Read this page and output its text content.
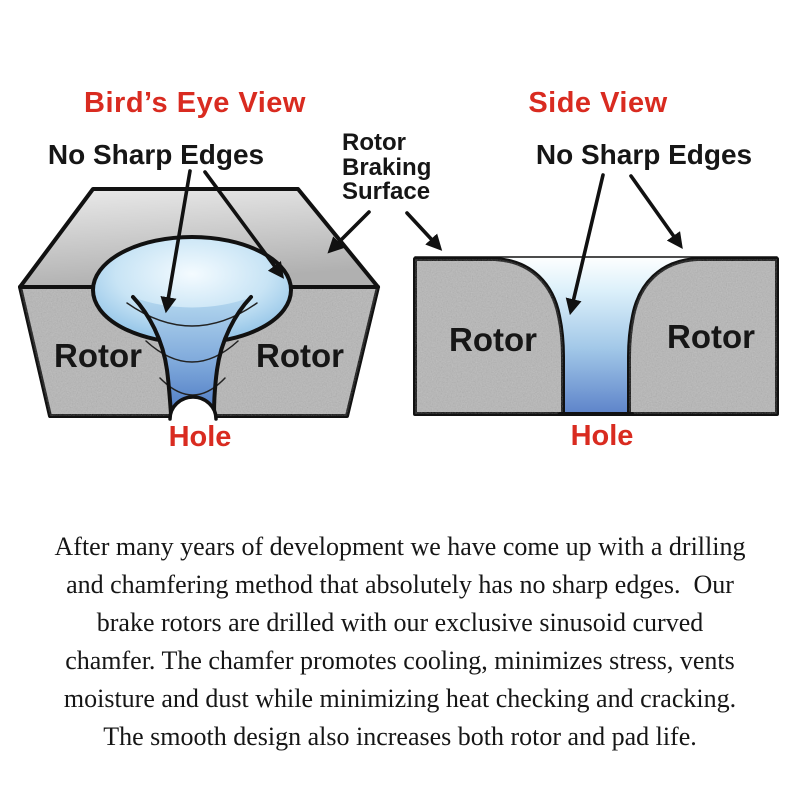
Bird’s Eye View	Side View
No Sharp Edges	No Sharp Edges
Rotor
Braking
Surface
Rotor	Rotor	Rotor	Rotor
Hole	Hole
After many years of development we have come up with a drilling
and chamfering method that absolutely has no sharp edges.  Our
brake rotors are drilled with our exclusive sinusoid curved
chamfer. The chamfer promotes cooling, minimizes stress, vents
moisture and dust while minimizing heat checking and cracking.
The smooth design also increases both rotor and pad life.
